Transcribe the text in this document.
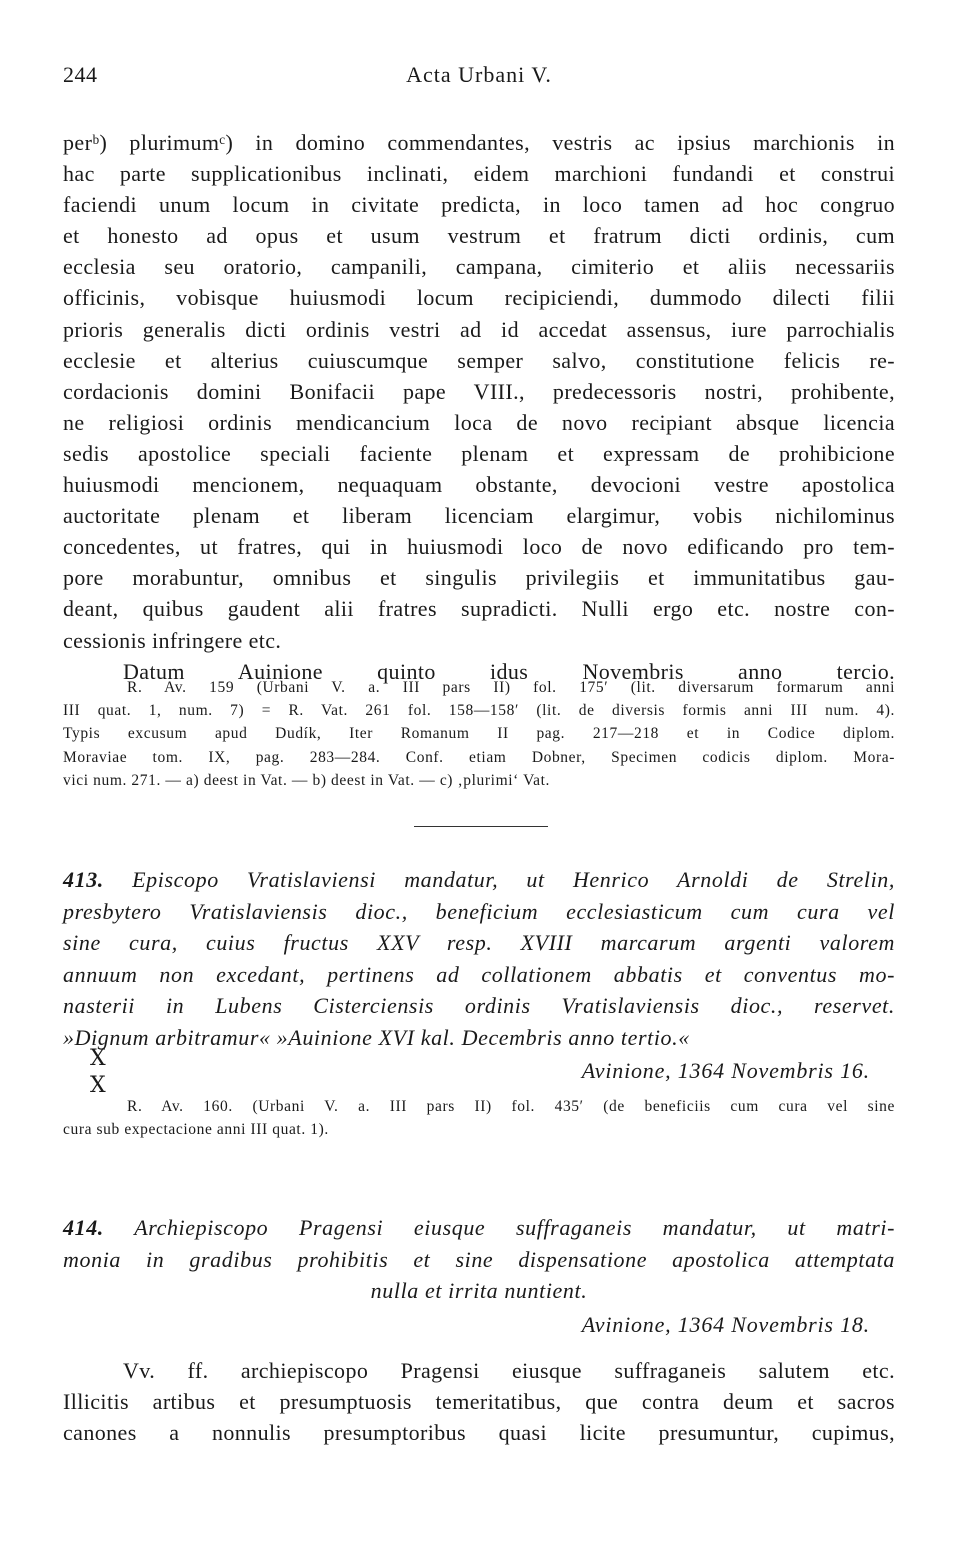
244	Acta Urbani V.
perᵇ) plurimumᶜ) in domino commendantes, vestris ac ipsius marchionis in
hac parte supplicationibus inclinati, eidem marchioni fundandi et construi
faciendi unum locum in civitate predicta, in loco tamen ad hoc congruo
et honesto ad opus et usum vestrum et fratrum dicti ordinis, cum
ecclesia seu oratorio, campanili, campana, cimiterio et aliis necessariis
officinis, vobisque huiusmodi locum recipiciendi, dummodo dilecti filii
prioris generalis dicti ordinis vestri ad id accedat assensus, iure parrochialis
ecclesie et alterius cuiuscumque semper salvo, constitutione felicis re-
cordacionis domini Bonifacii pape VIII., predecessoris nostri, prohibente,
ne religiosi ordinis mendicancium loca de novo recipiant absque licencia
sedis apostolice speciali faciente plenam et expressam de prohibicione
huiusmodi mencionem, nequaquam obstante, devocioni vestre apostolica
auctoritate plenam et liberam licenciam elargimur, vobis nichilominus
concedentes, ut fratres, qui in huiusmodi loco de novo edificando pro tem-
pore morabuntur, omnibus et singulis privilegiis et immunitatibus gau-
deant, quibus gaudent alii fratres supradicti. Nulli ergo etc. nostre con-
cessionis infringere etc.
Datum Auinione quinto idus Novembris anno tercio.
R. Av. 159 (Urbani V. a. III pars II) fol. 175′ (lit. diversarum formarum anni
III quat. 1, num. 7) = R. Vat. 261 fol. 158—158′ (lit. de diversis formis anni III num. 4).
Typis excusum apud Dudík, Iter Romanum II pag. 217—218 et in Codice diplom.
Moraviae tom. IX, pag. 283—284. Conf. etiam Dobner, Specimen codicis diplom. Mora-
vici num. 271. — a) deest in Vat. — b) deest in Vat. — c) ‚plurimi‘ Vat.
413. Episcopo Vratislaviensi mandatur, ut Henrico Arnoldi de Strelin,
presbytero Vratislaviensis dioc., beneficium ecclesiasticum cum cura vel
sine cura, cuius fructus XXV resp. XVIII marcarum argenti valorem
annuum non excedant, pertinens ad collationem abbatis et conventus mo-
nasterii in Lubens Cisterciensis ordinis Vratislaviensis dioc., reservet.
»Dignum arbitramur« »Auinione XVI kal. Decembris anno tertio.«
X
X
Avinione, 1364 Novembris 16.
R. Av. 160. (Urbani V. a. III pars II) fol. 435′ (de beneficiis cum cura vel sine
cura sub expectacione anni III quat. 1).
414. Archiepiscopo Pragensi eiusque suffraganeis mandatur, ut matri-
monia in gradibus prohibitis et sine dispensatione apostolica attemptata
nulla et irrita nuntient.
Avinione, 1364 Novembris 18.
Vv. ff. archiepiscopo Pragensi eiusque suffraganeis salutem etc.
Illicitis artibus et presumptuosis temeritatibus, que contra deum et sacros
canones a nonnulis presumptoribus quasi licite presumuntur, cupimus,
